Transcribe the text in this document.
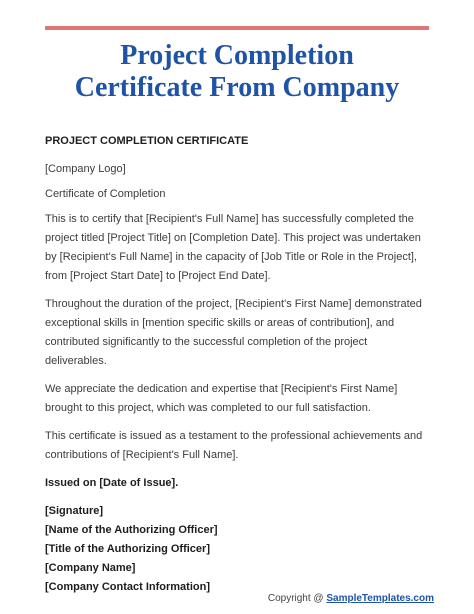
Project Completion
Certificate From Company

PROJECT COMPLETION CERTIFICATE

[Company Logo]

Certificate of Completion

This is to certify that [Recipient's Full Name] has successfully completed the project titled [Project Title] on [Completion Date]. This project was undertaken by [Recipient's Full Name] in the capacity of [Job Title or Role in the Project], from [Project Start Date] to [Project End Date].

Throughout the duration of the project, [Recipient's First Name] demonstrated exceptional skills in [mention specific skills or areas of contribution], and contributed significantly to the successful completion of the project deliverables.

We appreciate the dedication and expertise that [Recipient's First Name] brought to this project, which was completed to our full satisfaction.

This certificate is issued as a testament to the professional achievements and contributions of [Recipient's Full Name].

Issued on [Date of Issue].

[Signature]

[Name of the Authorizing Officer]

[Title of the Authorizing Officer]

[Company Name]

[Company Contact Information]

Copyright @ SampleTemplates.com
